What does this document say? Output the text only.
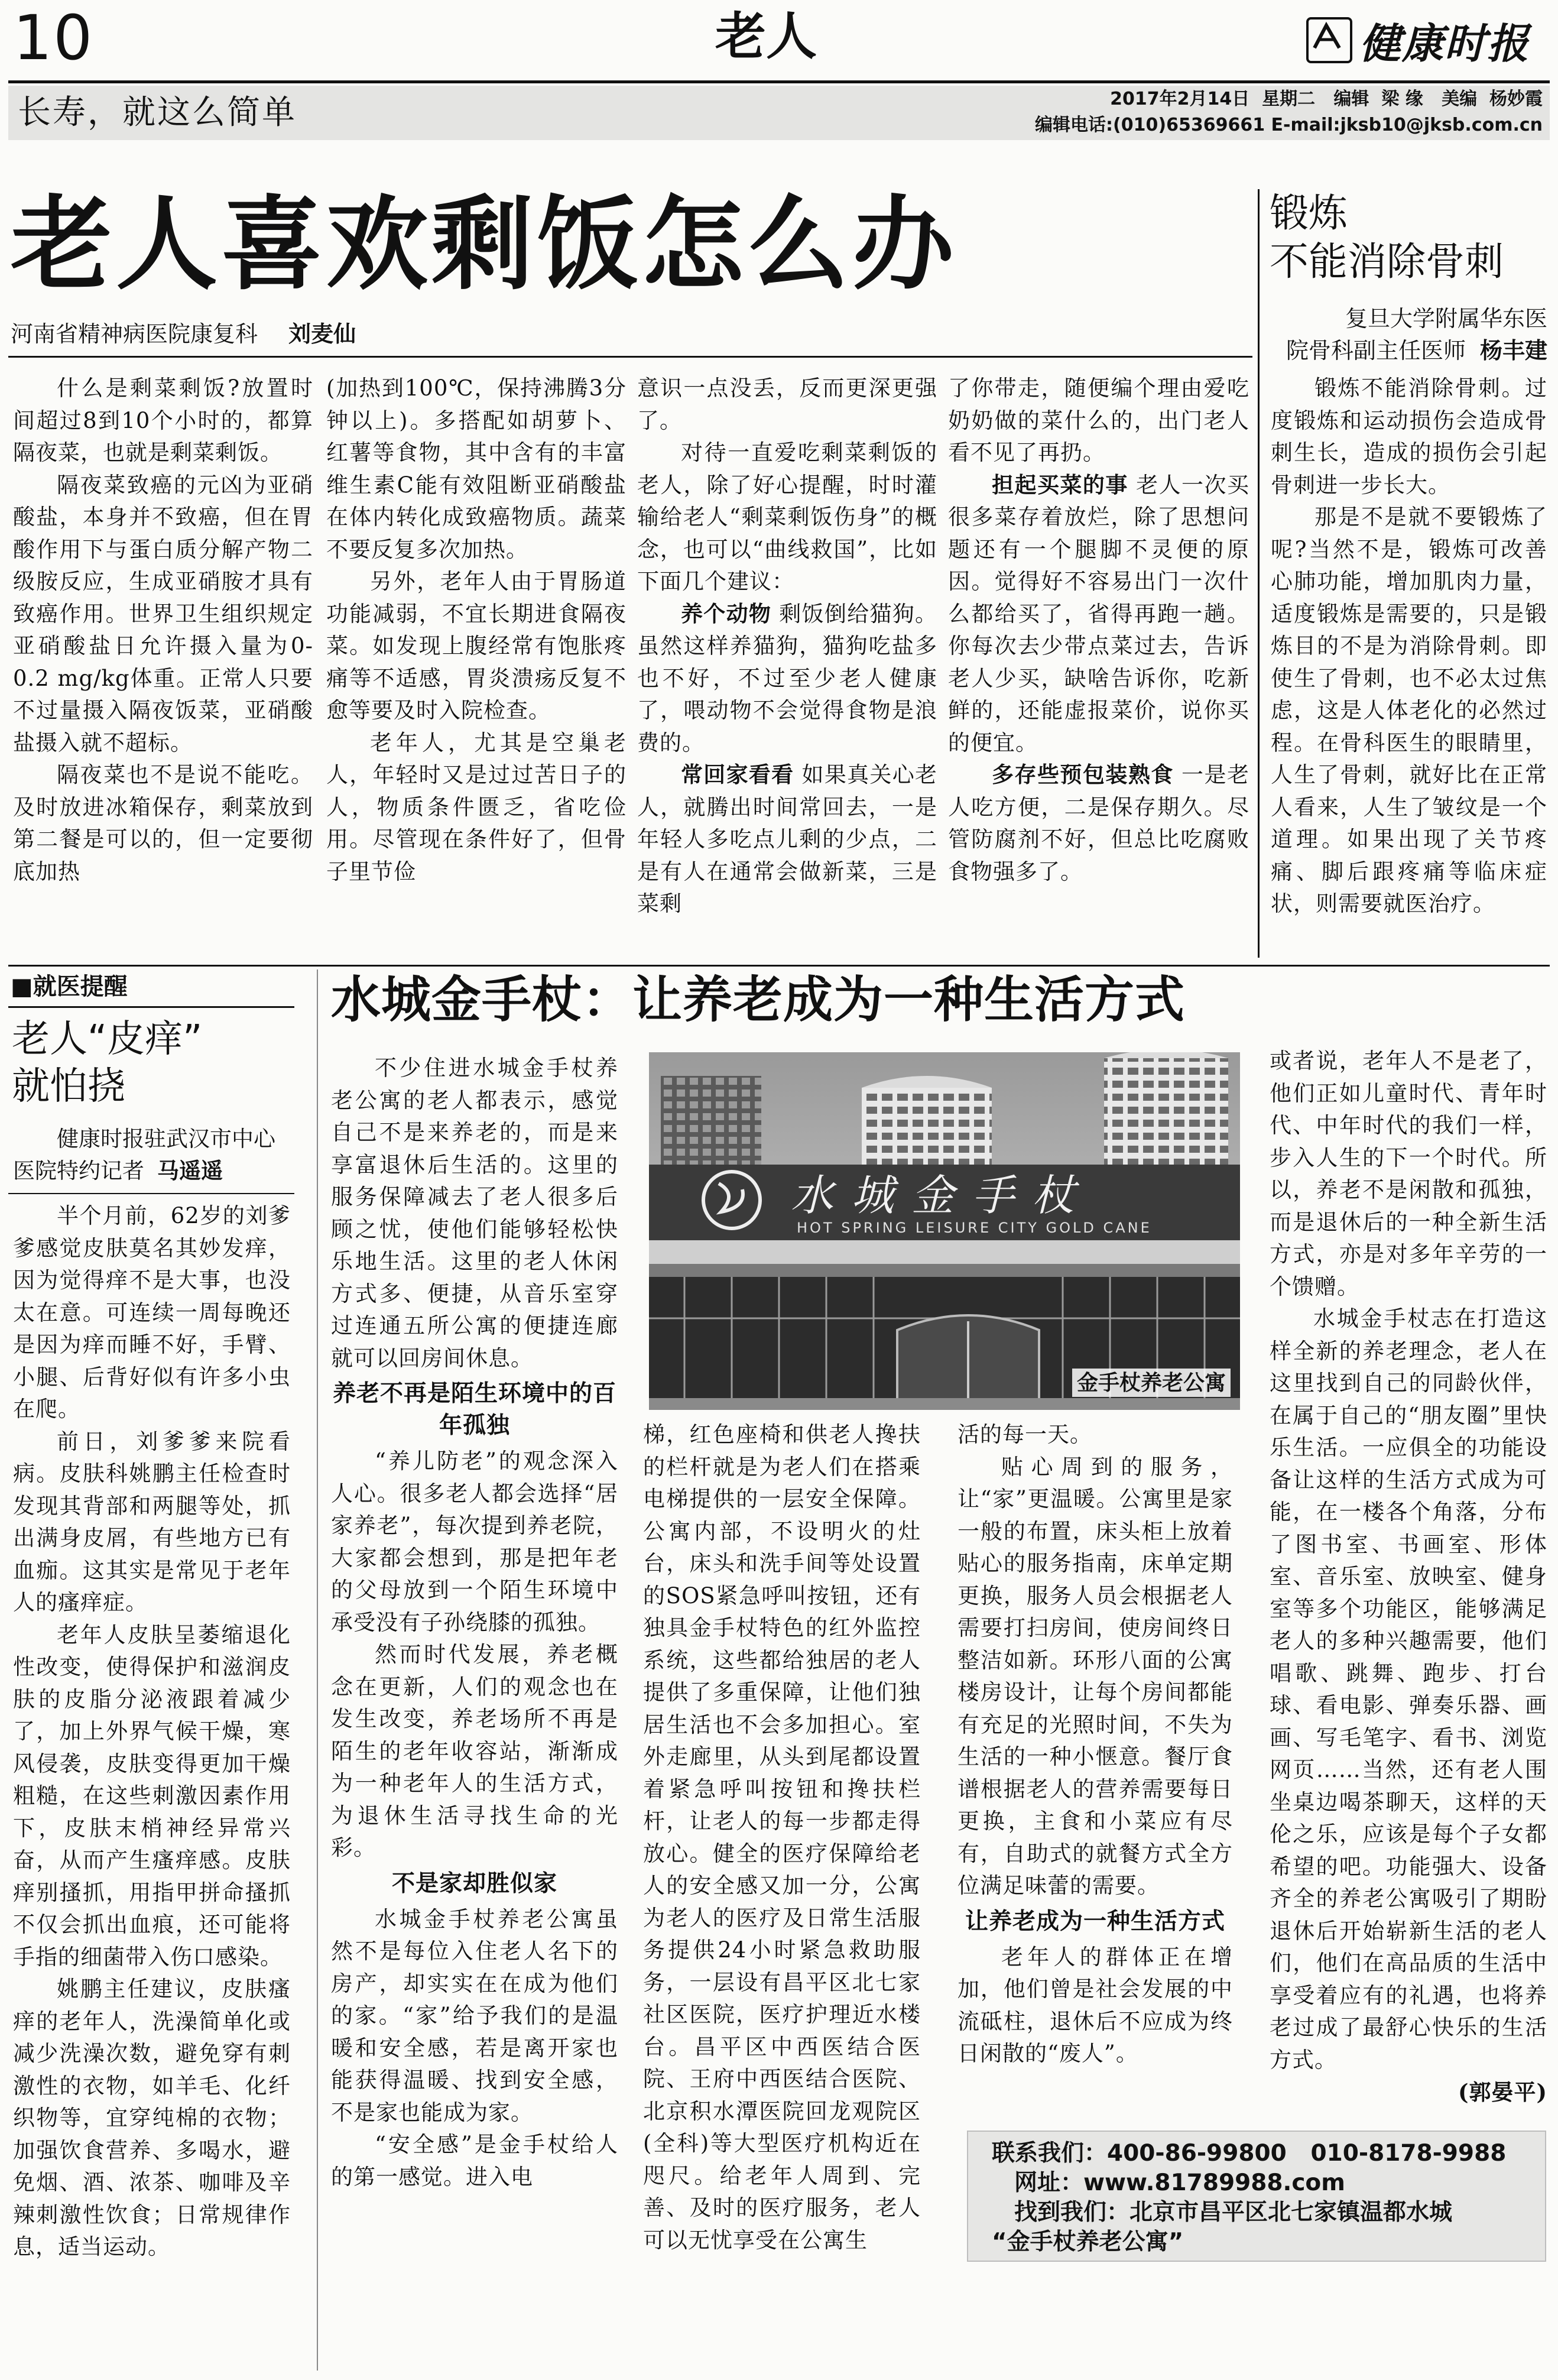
10	老人	健康时报
长寿，就这么简单	2017年2月14日  星期二   编辑  梁 缘   美编  杨妙霞
编辑电话:(010)65369661 E-mail:jksb10@jksb.com.cn
老人喜欢剩饭怎么办
河南省精神病医院康复科 刘麦仙

什么是剩菜剩饭?放置时间超过8到10个小时的，都算隔夜菜，也就是剩菜剩饭。

隔夜菜致癌的元凶为亚硝酸盐，本身并不致癌，但在胃酸作用下与蛋白质分解产物二级胺反应，生成亚硝胺才具有致癌作用。世界卫生组织规定亚硝酸盐日允许摄入量为0-0.2 mg/kg体重。正常人只要不过量摄入隔夜饭菜，亚硝酸盐摄入就不超标。

隔夜菜也不是说不能吃。及时放进冰箱保存，剩菜放到第二餐是可以的，但一定要彻底加热

(加热到100℃，保持沸腾3分钟以上)。多搭配如胡萝卜、红薯等食物，其中含有的丰富维生素C能有效阻断亚硝酸盐在体内转化成致癌物质。蔬菜不要反复多次加热。

另外，老年人由于胃肠道功能减弱，不宜长期进食隔夜菜。如发现上腹经常有饱胀疼痛等不适感，胃炎溃疡反复不愈等要及时入院检查。

老年人，尤其是空巢老人，年轻时又是过过苦日子的人，物质条件匮乏，省吃俭用。尽管现在条件好了，但骨子里节俭

意识一点没丢，反而更深更强了。

对待一直爱吃剩菜剩饭的老人，除了好心提醒，时时灌输给老人“剩菜剩饭伤身”的概念，也可以“曲线救国”，比如下面几个建议：

养个动物 剩饭倒给猫狗。虽然这样养猫狗，猫狗吃盐多也不好，不过至少老人健康了，喂动物不会觉得食物是浪费的。

常回家看看 如果真关心老人，就腾出时间常回去，一是年轻人多吃点儿剩的少点，二是有人在通常会做新菜，三是菜剩

了你带走，随便编个理由爱吃奶奶做的菜什么的，出门老人看不见了再扔。

担起买菜的事 老人一次买很多菜存着放烂，除了思想问题还有一个腿脚不灵便的原因。觉得好不容易出门一次什么都给买了，省得再跑一趟。你每次去少带点菜过去，告诉老人少买，缺啥告诉你，吃新鲜的，还能虚报菜价，说你买的便宜。

多存些预包装熟食 一是老人吃方便，二是保存期久。尽管防腐剂不好，但总比吃腐败食物强多了。

锻炼
不能消除骨刺
复旦大学附属华东医
院骨科副主任医师 杨丰建

锻炼不能消除骨刺。过度锻炼和运动损伤会造成骨刺生长，造成的损伤会引起骨刺进一步长大。

那是不是就不要锻炼了呢?当然不是，锻炼可改善心肺功能，增加肌肉力量，适度锻炼是需要的，只是锻炼目的不是为消除骨刺。即使生了骨刺，也不必太过焦虑，这是人体老化的必然过程。在骨科医生的眼睛里，人生了骨刺，就好比在正常人看来，人生了皱纹是一个道理。如果出现了关节疼痛、脚后跟疼痛等临床症状，则需要就医治疗。

■就医提醒
老人“皮痒”
就怕挠
健康时报驻武汉市中心医院特约记者 马遥遥

半个月前，62岁的刘爹爹感觉皮肤莫名其妙发痒，因为觉得痒不是大事，也没太在意。可连续一周每晚还是因为痒而睡不好，手臂、小腿、后背好似有许多小虫在爬。

前日，刘爹爹来院看病。皮肤科姚鹏主任检查时发现其背部和两腿等处，抓出满身皮屑，有些地方已有血痂。这其实是常见于老年人的瘙痒症。

老年人皮肤呈萎缩退化性改变，使得保护和滋润皮肤的皮脂分泌液跟着减少了，加上外界气候干燥，寒风侵袭，皮肤变得更加干燥粗糙，在这些刺激因素作用下，皮肤末梢神经异常兴奋，从而产生瘙痒感。皮肤痒别搔抓，用指甲拼命搔抓不仅会抓出血痕，还可能将手指的细菌带入伤口感染。

姚鹏主任建议，皮肤瘙痒的老年人，洗澡简单化或减少洗澡次数，避免穿有刺激性的衣物，如羊毛、化纤织物等，宜穿纯棉的衣物；加强饮食营养、多喝水，避免烟、酒、浓茶、咖啡及辛辣刺激性饮食；日常规律作息，适当运动。

水城金手杖：让养老成为一种生活方式
水城金手杖
HOT SPRING LEISURE CITY GOLD CANE
金手杖养老公寓

不少住进水城金手杖养老公寓的老人都表示，感觉自己不是来养老的，而是来享富退休后生活的。这里的服务保障减去了老人很多后顾之忧，使他们能够轻松快乐地生活。这里的老人休闲方式多、便捷，从音乐室穿过连通五所公寓的便捷连廊就可以回房间休息。

养老不再是陌生环境中的百年孤独

“养儿防老”的观念深入人心。很多老人都会选择“居家养老”，每次提到养老院，大家都会想到，那是把年老的父母放到一个陌生环境中承受没有子孙绕膝的孤独。

然而时代发展，养老概念在更新，人们的观念也在发生改变，养老场所不再是陌生的老年收容站，渐渐成为一种老年人的生活方式，为退休生活寻找生命的光彩。

不是家却胜似家

水城金手杖养老公寓虽然不是每位入住老人名下的房产，却实实在在成为他们的家。“家”给予我们的是温暖和安全感，若是离开家也能获得温暖、找到安全感，不是家也能成为家。

“安全感”是金手杖给人的第一感觉。进入电

梯，红色座椅和供老人搀扶的栏杆就是为老人们在搭乘电梯提供的一层安全保障。公寓内部，不设明火的灶台，床头和洗手间等处设置的SOS紧急呼叫按钮，还有独具金手杖特色的红外监控系统，这些都给独居的老人提供了多重保障，让他们独居生活也不会多加担心。室外走廊里，从头到尾都设置着紧急呼叫按钮和搀扶栏杆，让老人的每一步都走得放心。健全的医疗保障给老人的安全感又加一分，公寓为老人的医疗及日常生活服务提供24小时紧急救助服务，一层设有昌平区北七家社区医院，医疗护理近水楼台。昌平区中西医结合医院、王府中西医结合医院、北京积水潭医院回龙观院区(全科)等大型医疗机构近在咫尺。给老年人周到、完善、及时的医疗服务，老人可以无忧享受在公寓生

活的每一天。

贴心周到的服务，让“家”更温暖。公寓里是家一般的布置，床头柜上放着贴心的服务指南，床单定期更换，服务人员会根据老人需要打扫房间，使房间终日整洁如新。环形八面的公寓楼房设计，让每个房间都能有充足的光照时间，不失为生活的一种小惬意。餐厅食谱根据老人的营养需要每日更换，主食和小菜应有尽有，自助式的就餐方式全方位满足味蕾的需要。

让养老成为一种生活方式

老年人的群体正在增加，他们曾是社会发展的中流砥柱，退休后不应成为终日闲散的“废人”。

或者说，老年人不是老了，他们正如儿童时代、青年时代、中年时代的我们一样，步入人生的下一个时代。所以，养老不是闲散和孤独，而是退休后的一种全新生活方式，亦是对多年辛劳的一个馈赠。

水城金手杖志在打造这样全新的养老理念，老人在这里找到自己的同龄伙伴，在属于自己的“朋友圈”里快乐生活。一应俱全的功能设备让这样的生活方式成为可能，在一楼各个角落，分布了图书室、书画室、形体室、音乐室、放映室、健身室等多个功能区，能够满足老人的多种兴趣需要，他们唱歌、跳舞、跑步、打台球、看电影、弹奏乐器、画画、写毛笔字、看书、浏览网页……当然，还有老人围坐桌边喝茶聊天，这样的天伦之乐，应该是每个子女都希望的吧。功能强大、设备齐全的养老公寓吸引了期盼退休后开始崭新生活的老人们，他们在高品质的生活中享受着应有的礼遇，也将养老过成了最舒心快乐的生活方式。

(郭晏平)

联系我们：400-86-99800   010-8178-9988
网址：www.81789988.com
找到我们：北京市昌平区北七家镇温都水城
“金手杖养老公寓”
